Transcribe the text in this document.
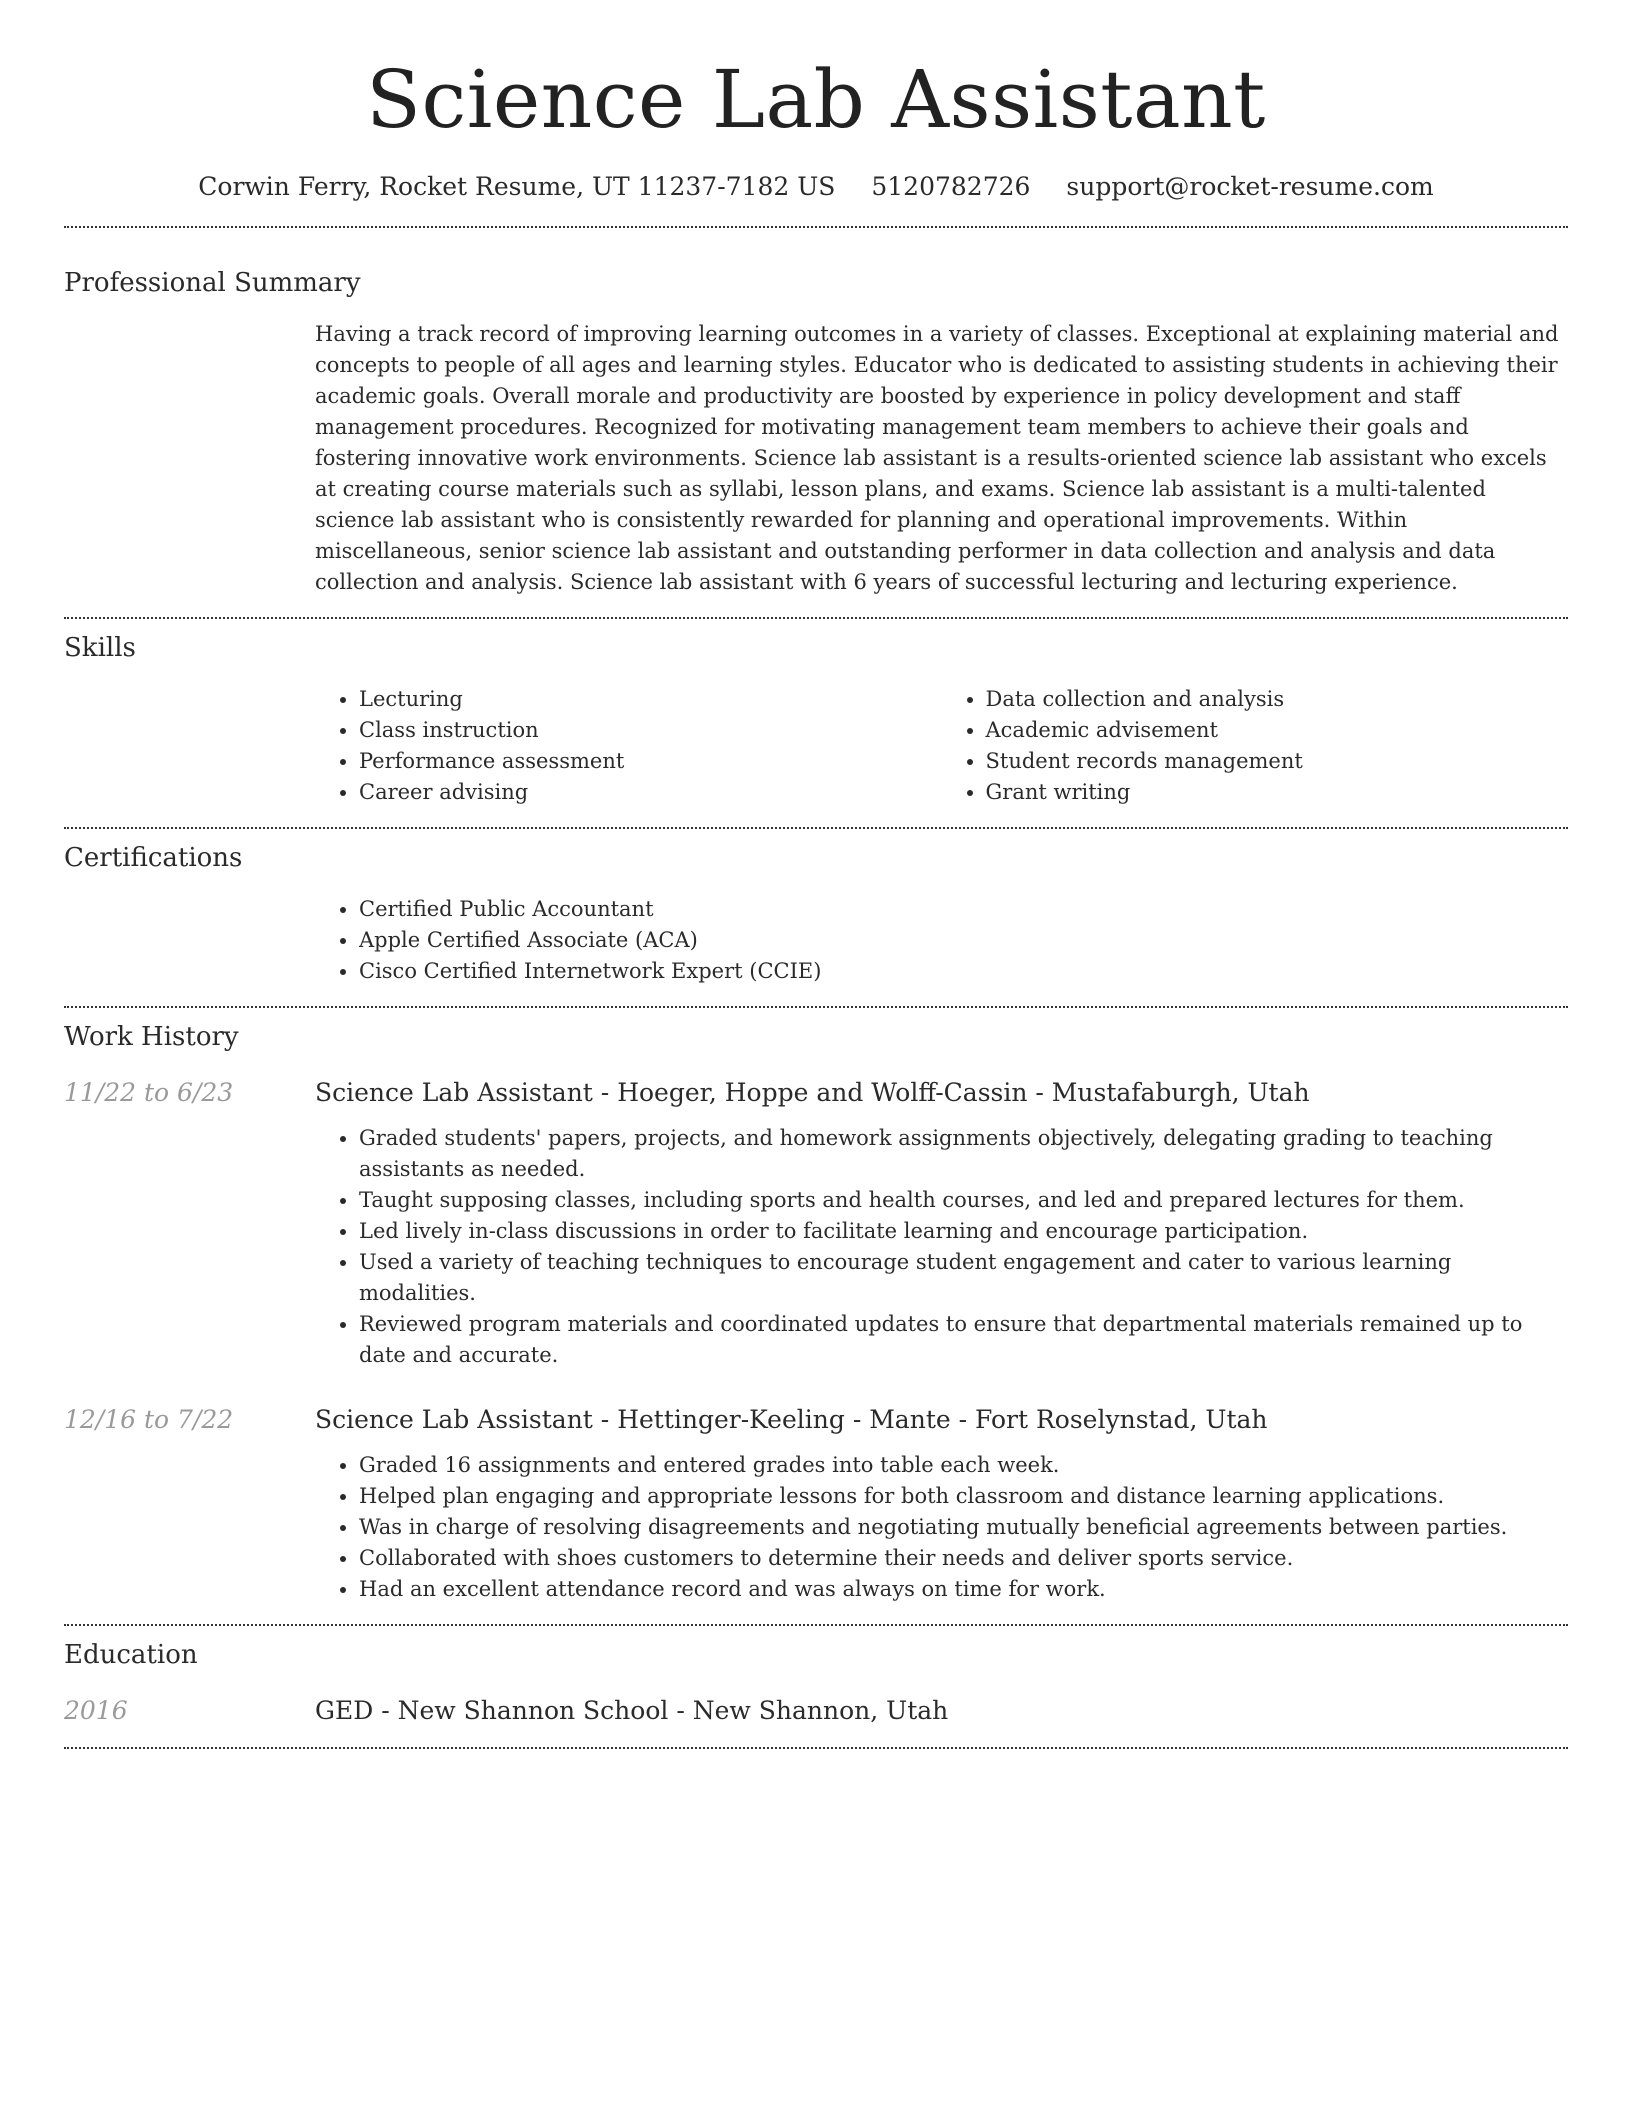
Science Lab Assistant
Corwin Ferry, Rocket Resume, UT 11237-7182 US 5120782726 support@rocket-resume.com
Professional Summary

Having a track record of improving learning outcomes in a variety of classes. Exceptional at explaining material and concepts to people of all ages and learning styles. Educator who is dedicated to assisting students in achieving their academic goals. Overall morale and productivity are boosted by experience in policy development and staff management procedures. Recognized for motivating management team members to achieve their goals and fostering innovative work environments. Science lab assistant is a results-oriented science lab assistant who excels at creating course materials such as syllabi, lesson plans, and exams. Science lab assistant is a multi-talented science lab assistant who is consistently rewarded for planning and operational improvements. Within miscellaneous, senior science lab assistant and outstanding performer in data collection and analysis and data collection and analysis. Science lab assistant with 6 years of successful lecturing and lecturing experience.

Skills
• Lecturing
• Class instruction
• Performance assessment
• Career advising
• Data collection and analysis
• Academic advisement
• Student records management
• Grant writing
Certifications
• Certified Public Accountant
• Apple Certified Associate (ACA)
• Cisco Certified Internetwork Expert (CCIE)
Work History
11/22 to 6/23	Science Lab Assistant - Hoeger, Hoppe and Wolff-Cassin - Mustafaburgh, Utah
• Graded students' papers, projects, and homework assignments objectively, delegating grading to teaching assistants as needed.
• Taught supposing classes, including sports and health courses, and led and prepared lectures for them.
• Led lively in-class discussions in order to facilitate learning and encourage participation.
• Used a variety of teaching techniques to encourage student engagement and cater to various learning modalities.
• Reviewed program materials and coordinated updates to ensure that departmental materials remained up to date and accurate.
12/16 to 7/22	Science Lab Assistant - Hettinger-Keeling - Mante - Fort Roselynstad, Utah
• Graded 16 assignments and entered grades into table each week.
• Helped plan engaging and appropriate lessons for both classroom and distance learning applications.
• Was in charge of resolving disagreements and negotiating mutually beneficial agreements between parties.
• Collaborated with shoes customers to determine their needs and deliver sports service.
• Had an excellent attendance record and was always on time for work.
Education
2016	GED - New Shannon School - New Shannon, Utah
